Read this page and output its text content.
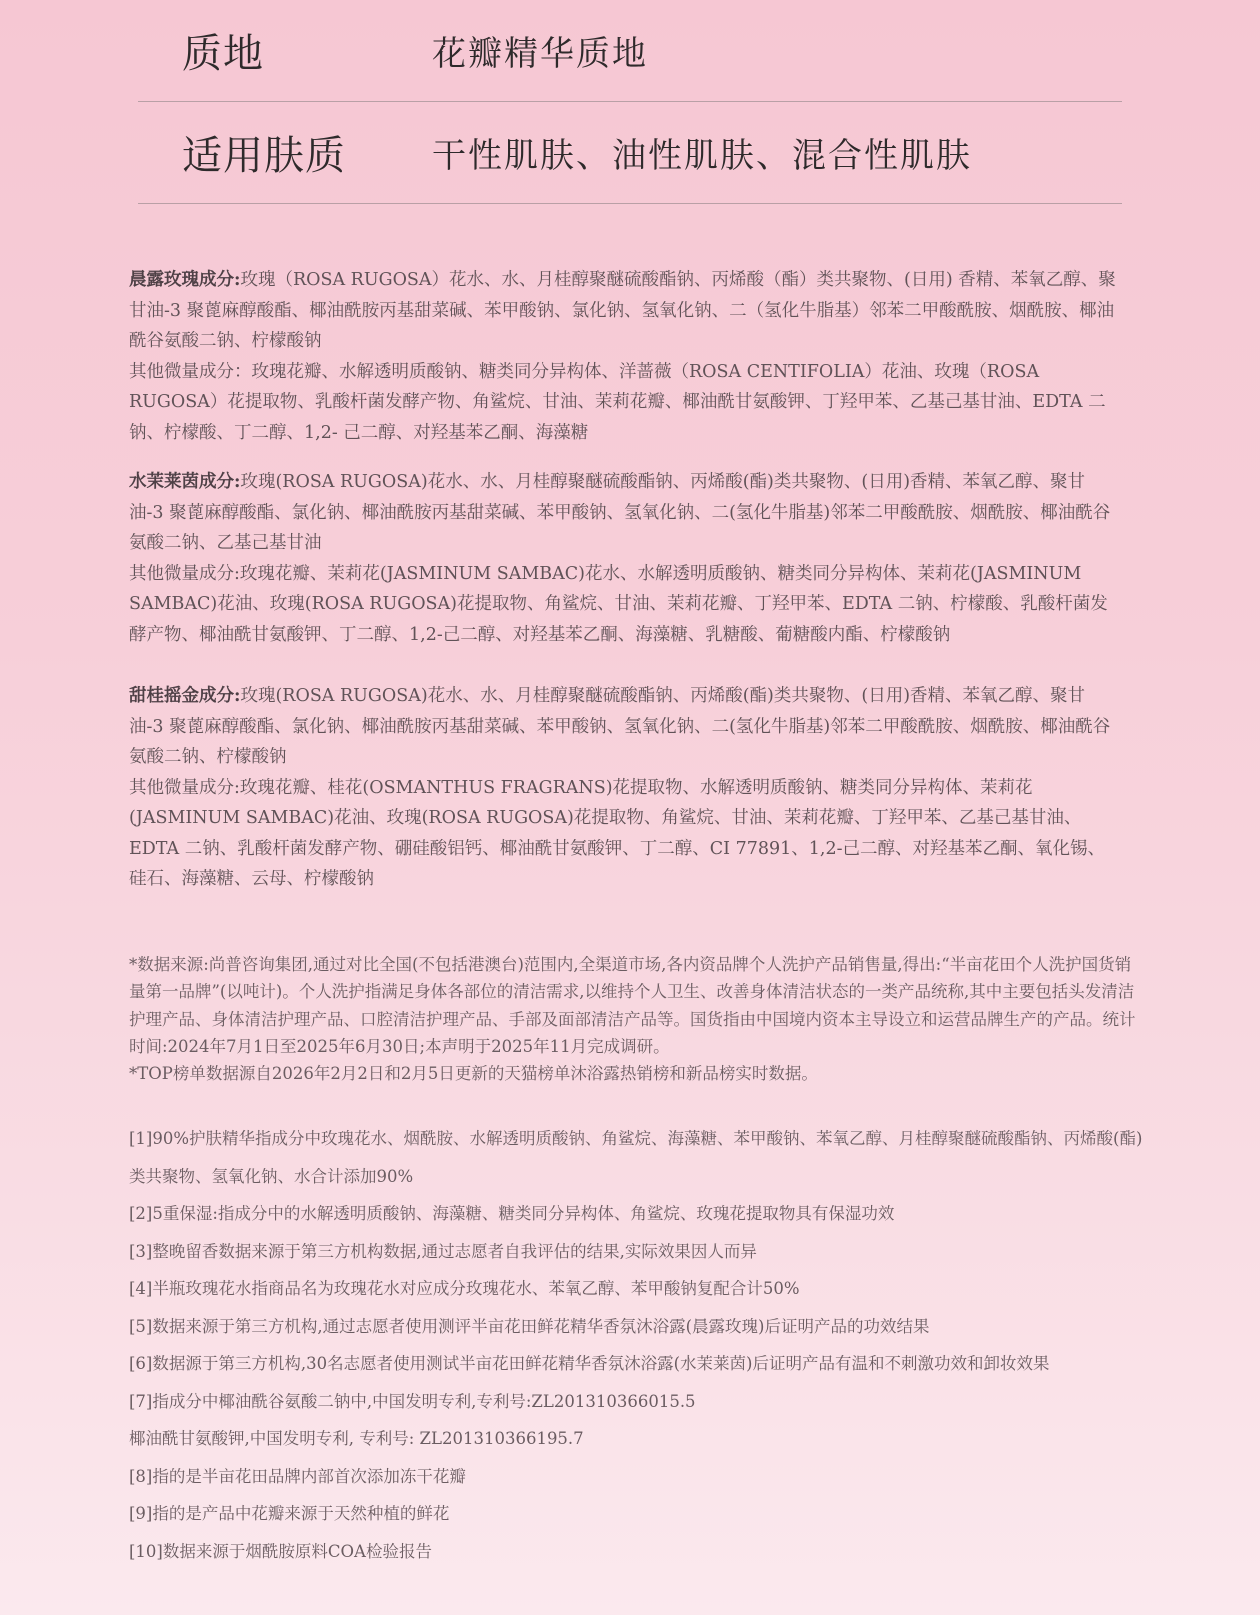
质地	花瓣精华质地
适用肤质	干性肌肤、油性肌肤、混合性肌肤

晨露玫瑰成分:玫瑰（ROSA RUGOSA）花水、水、月桂醇聚醚硫酸酯钠、丙烯酸（酯）类共聚物、(日用) 香精、苯氧乙醇、聚甘油-3 聚蓖麻醇酸酯、椰油酰胺丙基甜菜碱、苯甲酸钠、氯化钠、氢氧化钠、二（氢化牛脂基）邻苯二甲酸酰胺、烟酰胺、椰油酰谷氨酸二钠、柠檬酸钠
其他微量成分：玫瑰花瓣、水解透明质酸钠、糖类同分异构体、洋蔷薇（ROSA CENTIFOLIA）花油、玫瑰（ROSA RUGOSA）花提取物、乳酸杆菌发酵产物、角鲨烷、甘油、茉莉花瓣、椰油酰甘氨酸钾、丁羟甲苯、乙基己基甘油、EDTA 二钠、柠檬酸、丁二醇、1,2- 己二醇、对羟基苯乙酮、海藻糖

水茉莱茵成分:玫瑰(ROSA RUGOSA)花水、水、月桂醇聚醚硫酸酯钠、丙烯酸(酯)类共聚物、(日用)香精、苯氧乙醇、聚甘油-3 聚蓖麻醇酸酯、氯化钠、椰油酰胺丙基甜菜碱、苯甲酸钠、氢氧化钠、二(氢化牛脂基)邻苯二甲酸酰胺、烟酰胺、椰油酰谷氨酸二钠、乙基己基甘油
其他微量成分:玫瑰花瓣、茉莉花(JASMINUM SAMBAC)花水、水解透明质酸钠、糖类同分异构体、茉莉花(JASMINUM SAMBAC)花油、玫瑰(ROSA RUGOSA)花提取物、角鲨烷、甘油、茉莉花瓣、丁羟甲苯、EDTA 二钠、柠檬酸、乳酸杆菌发酵产物、椰油酰甘氨酸钾、丁二醇、1,2-己二醇、对羟基苯乙酮、海藻糖、乳糖酸、葡糖酸内酯、柠檬酸钠

甜桂摇金成分:玫瑰(ROSA RUGOSA)花水、水、月桂醇聚醚硫酸酯钠、丙烯酸(酯)类共聚物、(日用)香精、苯氧乙醇、聚甘油-3 聚蓖麻醇酸酯、氯化钠、椰油酰胺丙基甜菜碱、苯甲酸钠、氢氧化钠、二(氢化牛脂基)邻苯二甲酸酰胺、烟酰胺、椰油酰谷氨酸二钠、柠檬酸钠
其他微量成分:玫瑰花瓣、桂花(OSMANTHUS FRAGRANS)花提取物、水解透明质酸钠、糖类同分异构体、茉莉花(JASMINUM SAMBAC)花油、玫瑰(ROSA RUGOSA)花提取物、角鲨烷、甘油、茉莉花瓣、丁羟甲苯、乙基己基甘油、EDTA 二钠、乳酸杆菌发酵产物、硼硅酸铝钙、椰油酰甘氨酸钾、丁二醇、CI 77891、1,2-己二醇、对羟基苯乙酮、氧化锡、硅石、海藻糖、云母、柠檬酸钠

*数据来源:尚普咨询集团,通过对比全国(不包括港澳台)范围内,全渠道市场,各内资品牌个人洗护产品销售量,得出:“半亩花田个人洗护国货销量第一品牌”(以吨计)。个人洗护指满足身体各部位的清洁需求,以维持个人卫生、改善身体清洁状态的一类产品统称,其中主要包括头发清洁护理产品、身体清洁护理产品、口腔清洁护理产品、手部及面部清洁产品等。国货指由中国境内资本主导设立和运营品牌生产的产品。统计时间:2024年7月1日至2025年6月30日;本声明于2025年11月完成调研。

*TOP榜单数据源自2026年2月2日和2月5日更新的天猫榜单沐浴露热销榜和新品榜实时数据。

[1]90%护肤精华指成分中玫瑰花水、烟酰胺、水解透明质酸钠、角鲨烷、海藻糖、苯甲酸钠、苯氧乙醇、月桂醇聚醚硫酸酯钠、丙烯酸(酯)

类共聚物、氢氧化钠、水合计添加90%

[2]5重保湿:指成分中的水解透明质酸钠、海藻糖、糖类同分异构体、角鲨烷、玫瑰花提取物具有保湿功效

[3]整晚留香数据来源于第三方机构数据,通过志愿者自我评估的结果,实际效果因人而异

[4]半瓶玫瑰花水指商品名为玫瑰花水对应成分玫瑰花水、苯氧乙醇、苯甲酸钠复配合计50%

[5]数据来源于第三方机构,通过志愿者使用测评半亩花田鲜花精华香氛沐浴露(晨露玫瑰)后证明产品的功效结果

[6]数据源于第三方机构,30名志愿者使用测试半亩花田鲜花精华香氛沐浴露(水茉莱茵)后证明产品有温和不刺激功效和卸妆效果

[7]指成分中椰油酰谷氨酸二钠中,中国发明专利,专利号:ZL201310366015.5

椰油酰甘氨酸钾,中国发明专利, 专利号: ZL201310366195.7

[8]指的是半亩花田品牌内部首次添加冻干花瓣

[9]指的是产品中花瓣来源于天然种植的鲜花

[10]数据来源于烟酰胺原料COA检验报告
